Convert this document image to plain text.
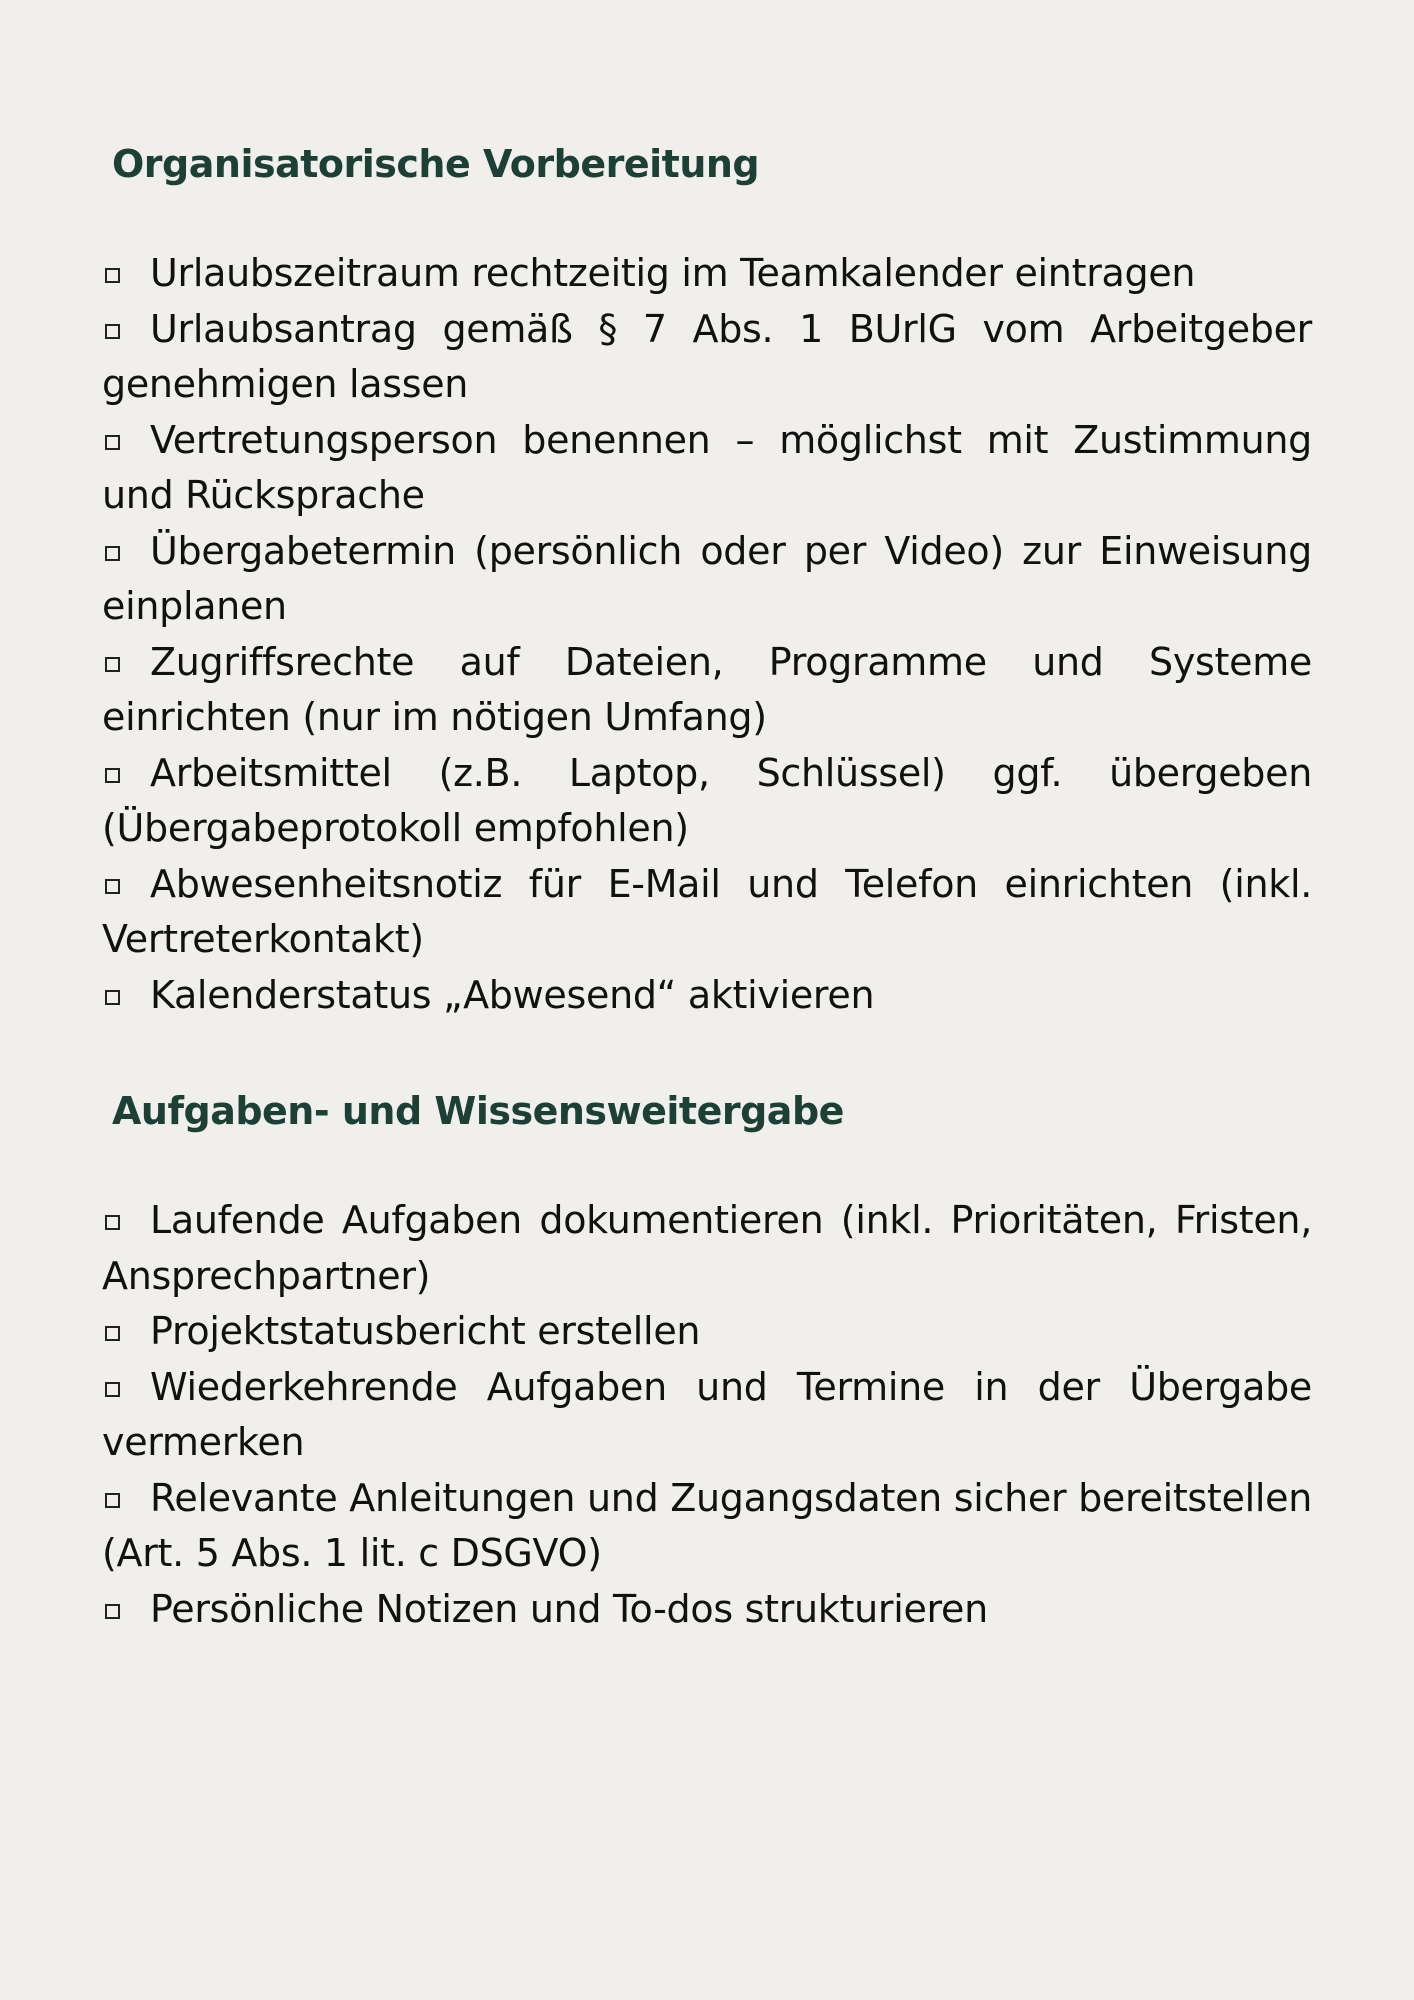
Organisatorische Vorbereitung
Urlaubszeitraum rechtzeitig im Teamkalender eintragen
Urlaubsantrag gemäß § 7 Abs. 1 BUrlG vom Arbeitgeber genehmigen lassen
Vertretungsperson benennen – möglichst mit Zustimmung und Rücksprache
Übergabetermin (persönlich oder per Video) zur Einweisung einplanen
Zugriffsrechte auf Dateien, Programme und Systeme einrichten (nur im nötigen Umfang)
Arbeitsmittel (z.B. Laptop, Schlüssel) ggf. übergeben (Übergabeprotokoll empfohlen)
Abwesenheitsnotiz für E-Mail und Telefon einrichten (inkl. Vertreterkontakt)
Kalenderstatus „Abwesend“ aktivieren
Aufgaben- und Wissensweitergabe
Laufende Aufgaben dokumentieren (inkl. Prioritäten, Fristen, Ansprechpartner)
Projektstatusbericht erstellen
Wiederkehrende Aufgaben und Termine in der Übergabe vermerken
Relevante Anleitungen und Zugangsdaten sicher bereitstellen (Art. 5 Abs. 1 lit. c DSGVO)
Persönliche Notizen und To-dos strukturieren
